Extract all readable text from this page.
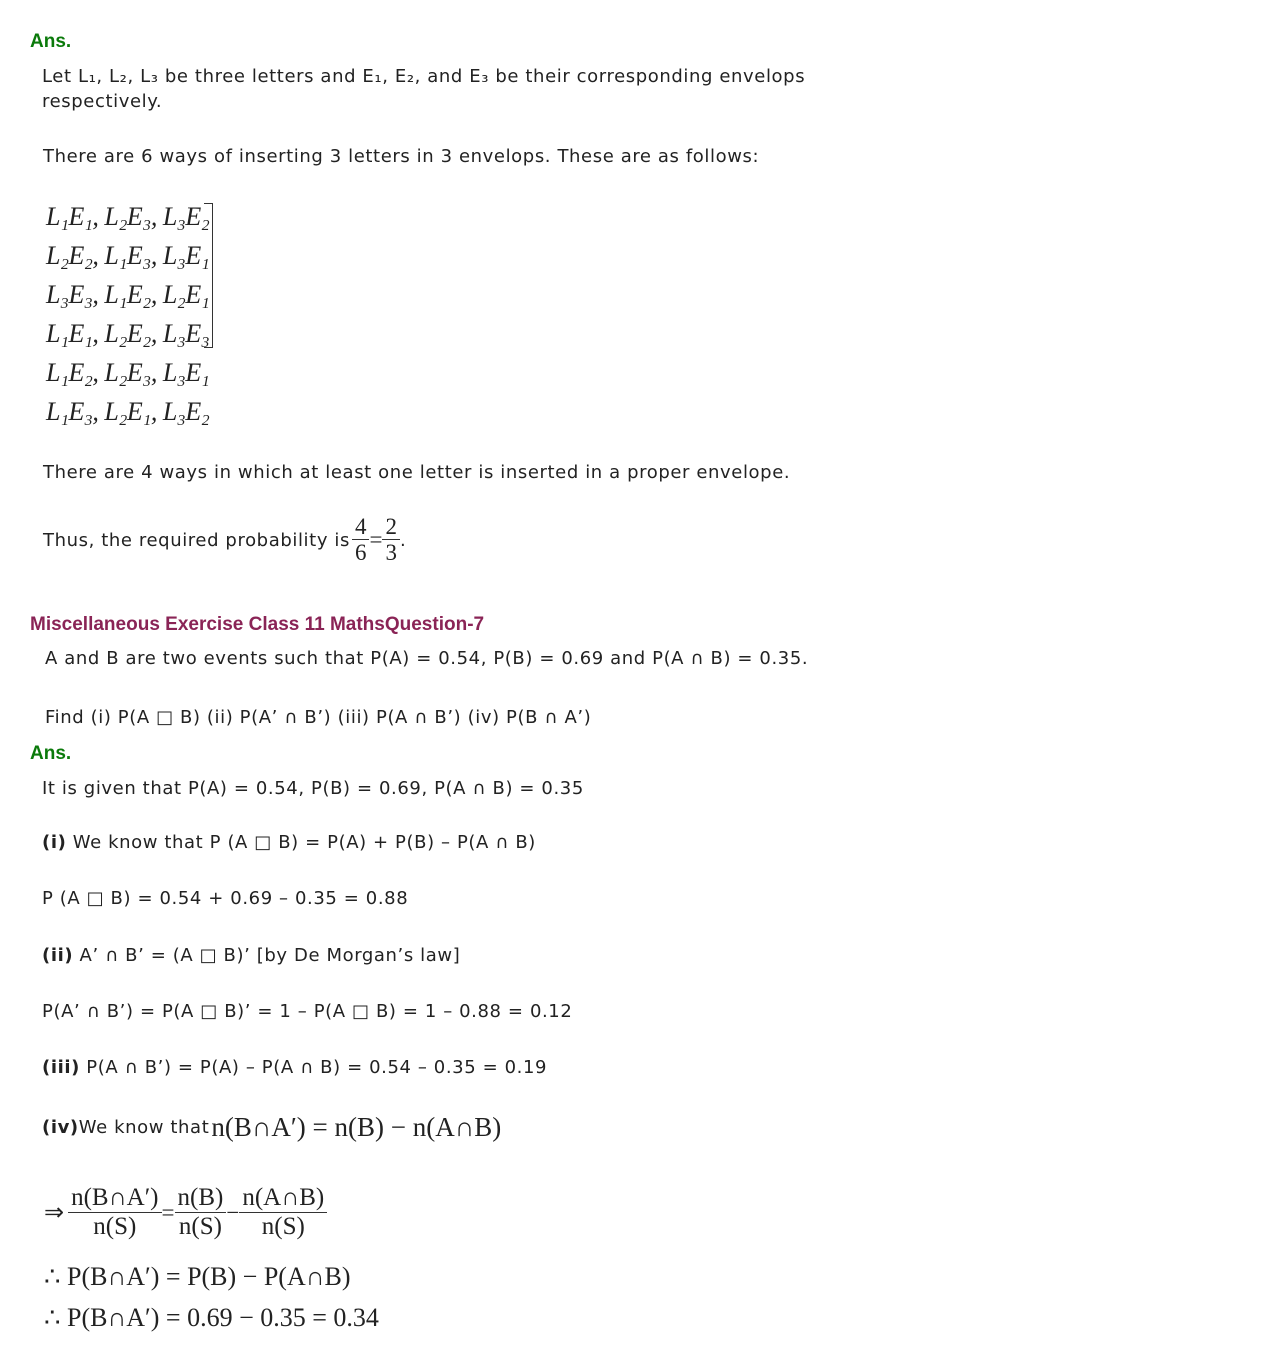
Ans.
Let L₁, L₂, L₃ be three letters and E₁, E₂, and E₃ be their corresponding envelops
respectively.
There are 6 ways of inserting 3 letters in 3 envelops. These are as follows:
L₁E₁, L₂E₃, L₃E₂
L₂E₂, L₁E₃, L₃E₁
L₃E₃, L₁E₂, L₂E₁
L₁E₁, L₂E₂, L₃E₃
L₁E₂, L₂E₃, L₃E₁
L₁E₃, L₂E₁, L₃E₂
There are 4 ways in which at least one letter is inserted in a proper envelope.
Thus, the required probability is $\frac{4}{6} = \frac{2}{3}$ .
Miscellaneous Exercise Class 11 MathsQuestion-7
A and B are two events such that P(A) = 0.54, P(B) = 0.69 and P(A ∩ B) = 0.35.
Find (i) P(A □ B) (ii) P(A’ ∩ B’) (iii) P(A ∩ B’) (iv) P(B ∩ A’)
Ans.
It is given that P(A) = 0.54, P(B) = 0.69, P(A ∩ B) = 0.35
(i) We know that P (A □ B) = P(A) + P(B) – P(A ∩ B)
P (A □ B) = 0.54 + 0.69 – 0.35 = 0.88
(ii) A’ ∩ B’ = (A □ B)’ [by De Morgan’s law]
P(A’ ∩ B’) = P(A □ B)’ = 1 – P(A □ B) = 1 – 0.88 = 0.12
(iii) P(A ∩ B’) = P(A) – P(A ∩ B) = 0.54 – 0.35 = 0.19
(iv) We know that n(B∩A′) = n(B) − n(A∩B)
⇒ $\frac{n(B\cap A')}{n(S)} = \frac{n(B)}{n(S)} - \frac{n(A\cap B)}{n(S)}$
∴ P(B∩A′) = P(B) − P(A∩B)
∴ P(B∩A′) = 0.69 − 0.35 = 0.34
